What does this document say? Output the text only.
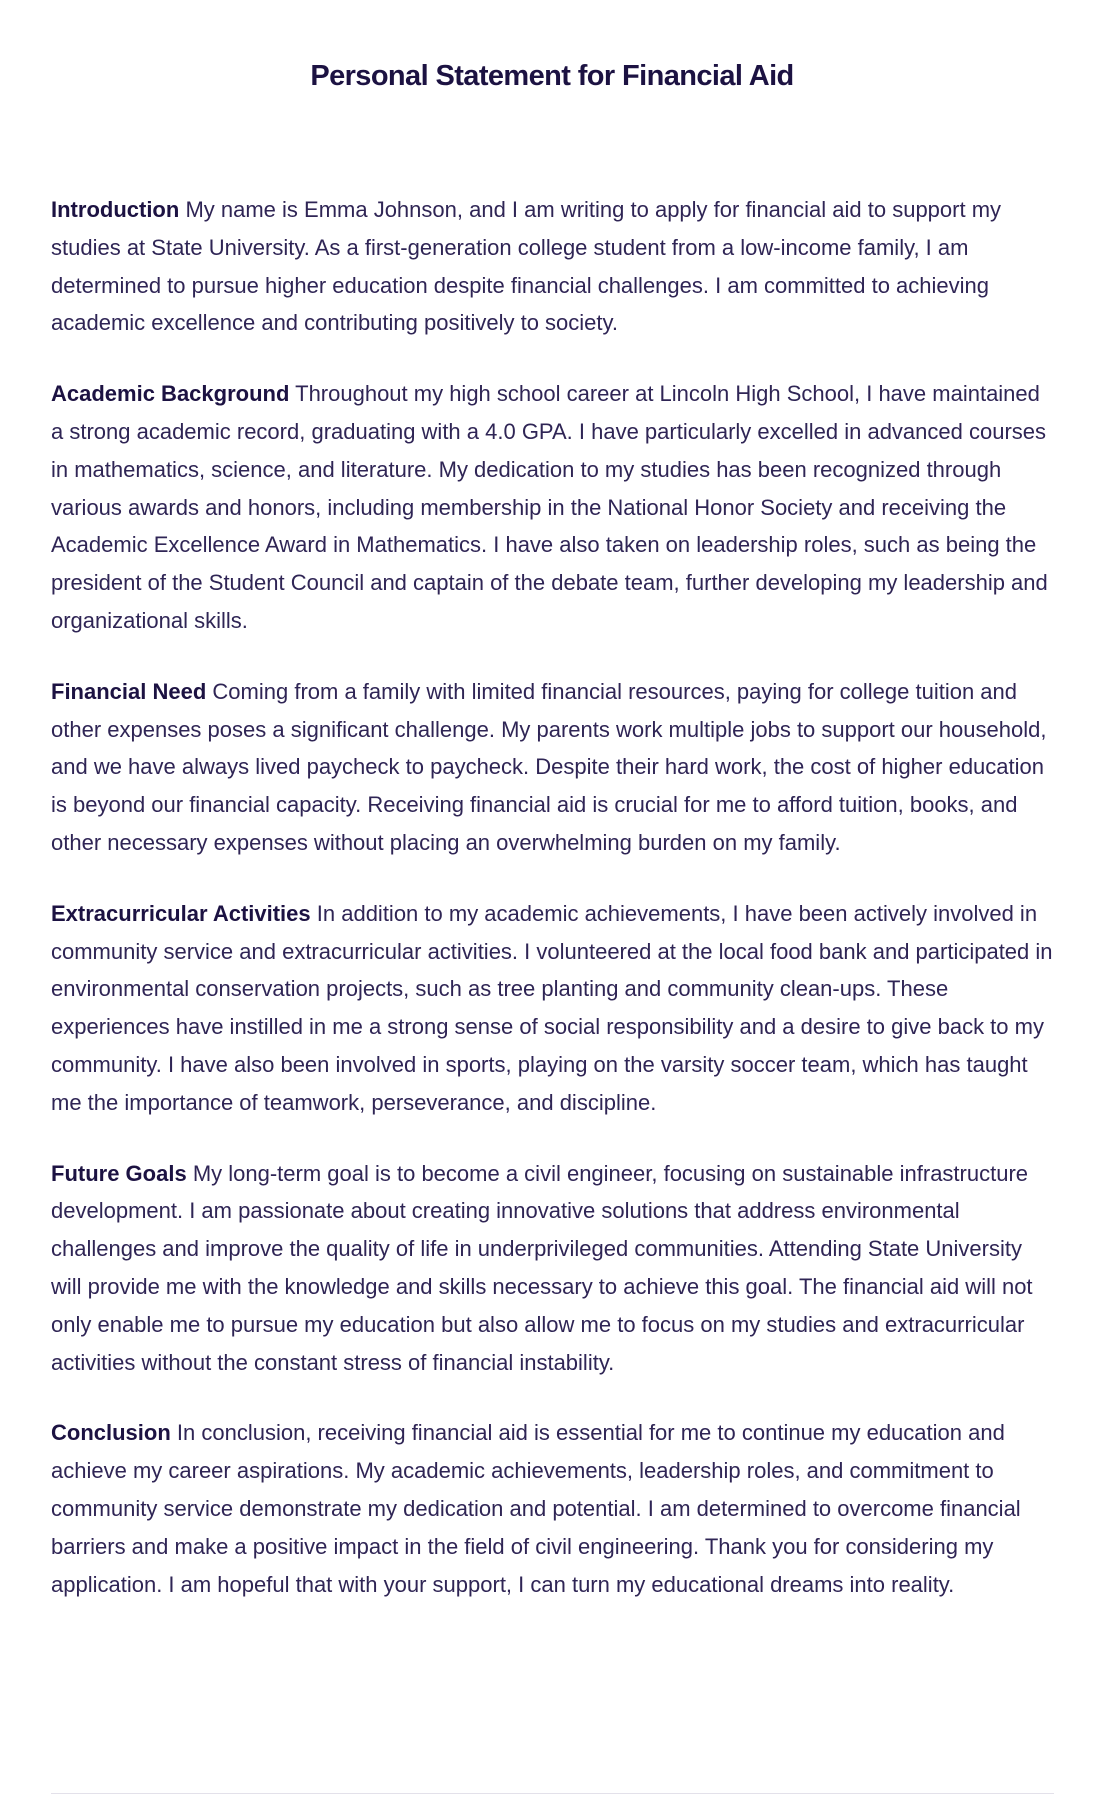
Personal Statement for Financial Aid

Introduction My name is Emma Johnson, and I am writing to apply for financial aid to support my studies at State University. As a first-generation college student from a low-income family, I am determined to pursue higher education despite financial challenges. I am committed to achieving academic excellence and contributing positively to society.

Academic Background Throughout my high school career at Lincoln High School, I have maintained a strong academic record, graduating with a 4.0 GPA. I have particularly excelled in advanced courses in mathematics, science, and literature. My dedication to my studies has been recognized through various awards and honors, including membership in the National Honor Society and receiving the Academic Excellence Award in Mathematics. I have also taken on leadership roles, such as being the president of the Student Council and captain of the debate team, further developing my leadership and organizational skills.

Financial Need Coming from a family with limited financial resources, paying for college tuition and other expenses poses a significant challenge. My parents work multiple jobs to support our household, and we have always lived paycheck to paycheck. Despite their hard work, the cost of higher education is beyond our financial capacity. Receiving financial aid is crucial for me to afford tuition, books, and other necessary expenses without placing an overwhelming burden on my family.

Extracurricular Activities In addition to my academic achievements, I have been actively involved in community service and extracurricular activities. I volunteered at the local food bank and participated in environmental conservation projects, such as tree planting and community clean-ups. These experiences have instilled in me a strong sense of social responsibility and a desire to give back to my community. I have also been involved in sports, playing on the varsity soccer team, which has taught me the importance of teamwork, perseverance, and discipline.

Future Goals My long-term goal is to become a civil engineer, focusing on sustainable infrastructure development. I am passionate about creating innovative solutions that address environmental challenges and improve the quality of life in underprivileged communities. Attending State University will provide me with the knowledge and skills necessary to achieve this goal. The financial aid will not only enable me to pursue my education but also allow me to focus on my studies and extracurricular activities without the constant stress of financial instability.

Conclusion In conclusion, receiving financial aid is essential for me to continue my education and achieve my career aspirations. My academic achievements, leadership roles, and commitment to community service demonstrate my dedication and potential. I am determined to overcome financial barriers and make a positive impact in the field of civil engineering. Thank you for considering my application. I am hopeful that with your support, I can turn my educational dreams into reality.
